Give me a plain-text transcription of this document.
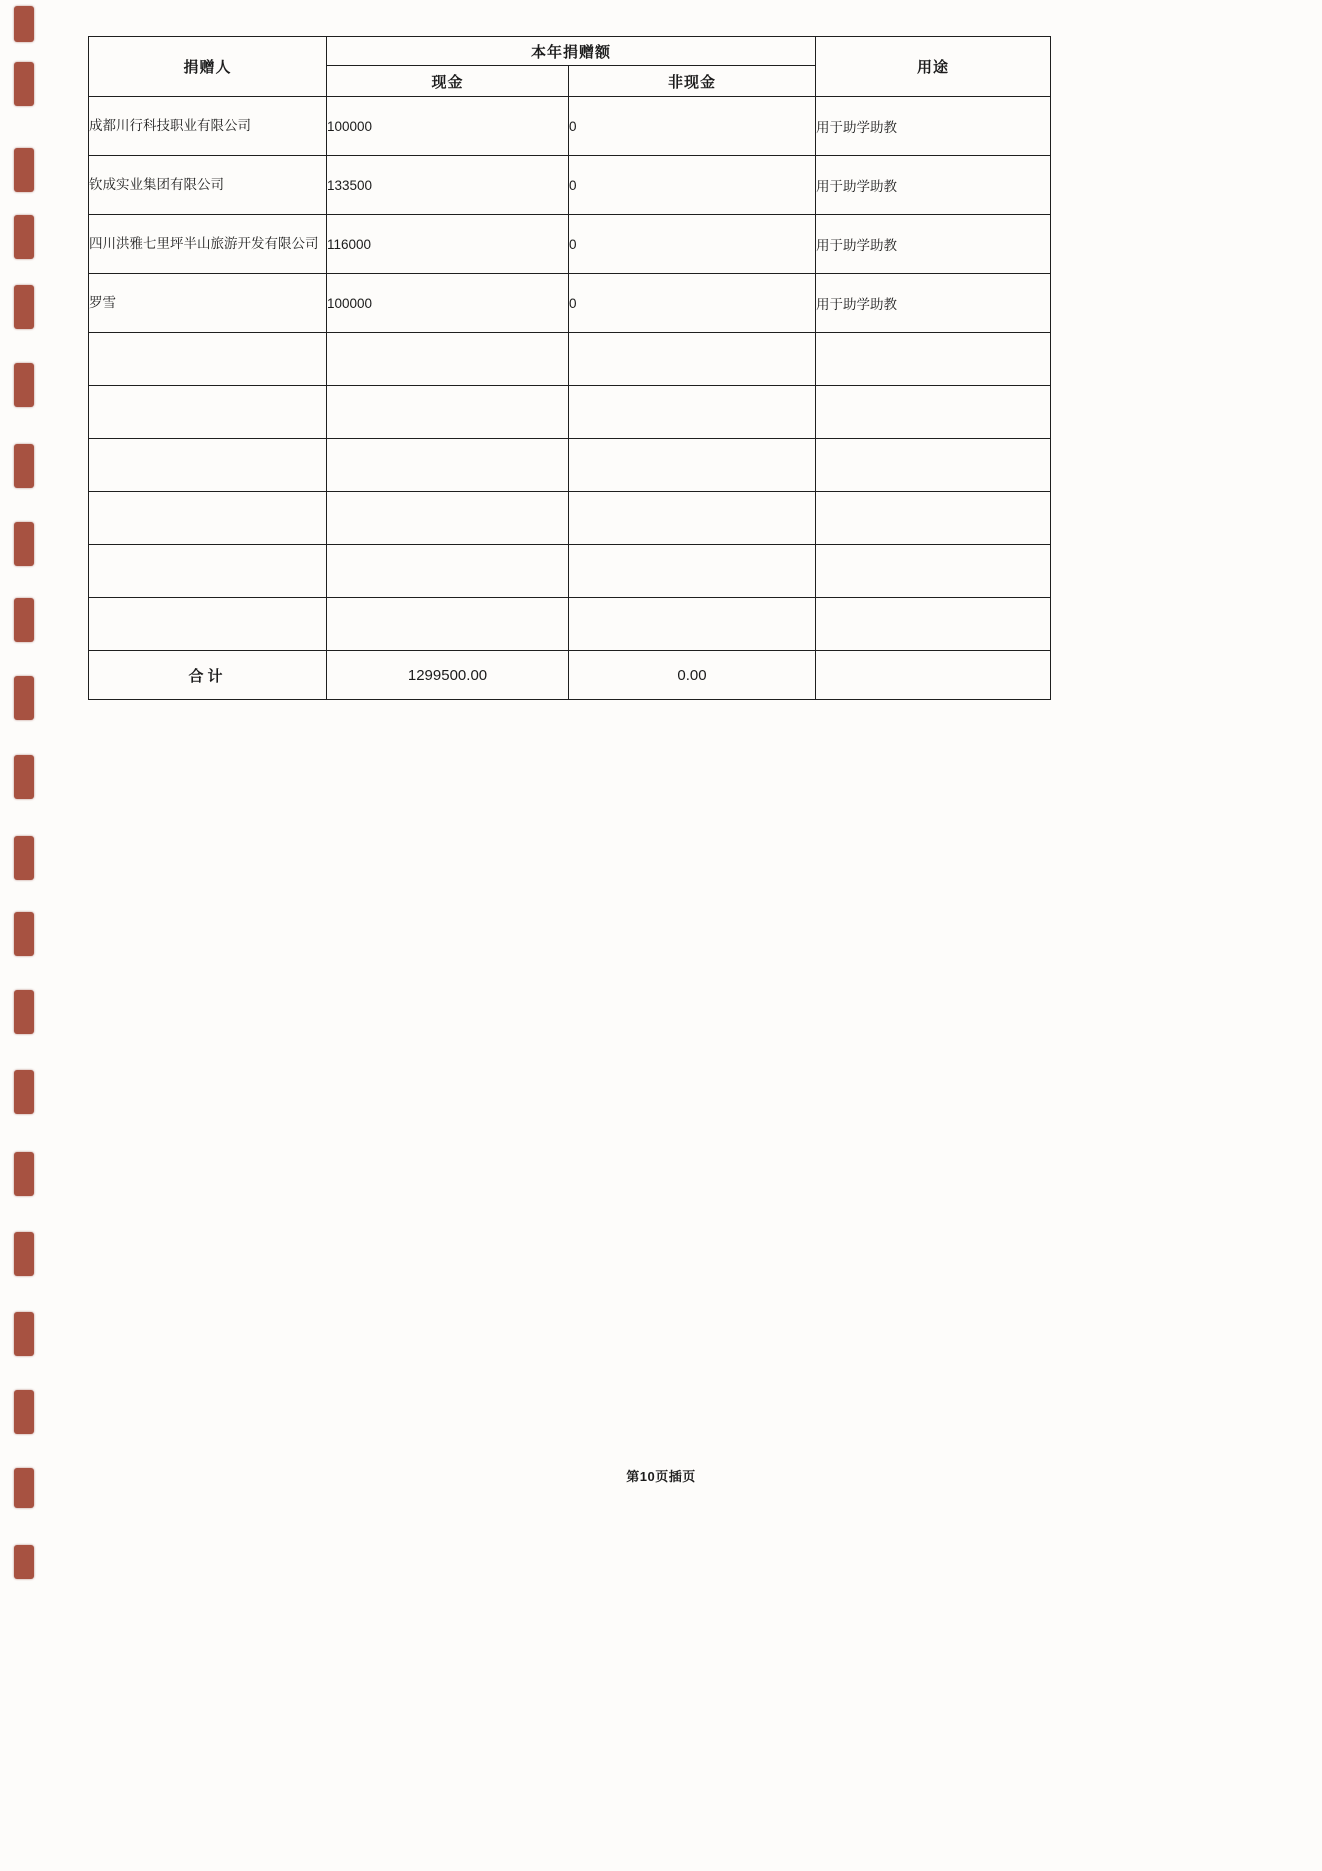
捐赠人	本年捐赠额		用途
	现金	非现金	
成都川行科技职业有限公司	100000	0	用于助学助教
钦成实业集团有限公司	133500	0	用于助学助教
四川洪雅七里坪半山旅游开发有限公司	116000	0	用于助学助教
罗雪	100000	0	用于助学助教

合计	1299500.00	0.00	
第10页插页
